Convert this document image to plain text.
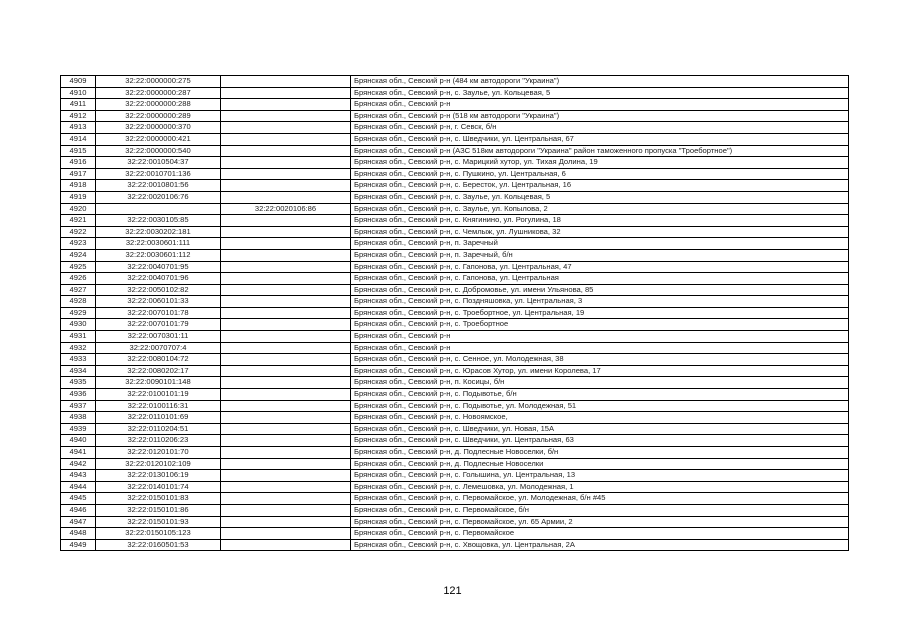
4909	32:22:0000000:275		Брянская обл., Севский р-н (484 км автодороги "Украина")
4910	32:22:0000000:287		Брянская обл., Севский р-н, с. Заулье, ул. Кольцевая, 5
4911	32:22:0000000:288		Брянская обл., Севский р-н
4912	32:22:0000000:289		Брянская обл., Севский р-н (518 км автодороги "Украина")
4913	32:22:0000000:370		Брянская обл., Севский р-н, г. Севск, б/н
4914	32:22:0000000:421		Брянская обл., Севский р-н, с. Шведчики, ул. Центральная, 67
4915	32:22:0000000:540		Брянская обл., Севский р-н (АЗС 518км автодороги "Украина" район таможенного пропуска "Троебортное")
4916	32:22:0010504:37		Брянская обл., Севский р-н, с. Марицкий хутор, ул. Тихая Долина, 19
4917	32:22:0010701:136		Брянская обл., Севский р-н, с. Пушкино, ул. Центральная, 6
4918	32:22:0010801:56		Брянская обл., Севский р-н, с. Бересток, ул. Центральная, 16
4919	32:22:0020106:76		Брянская обл., Севский р-н, с. Заулье, ул. Кольцевая, 5
4920		32:22:0020106:86	Брянская обл., Севский р-н, с. Заулье, ул. Копылова, 2
4921	32:22:0030105:85		Брянская обл., Севский р-н, с. Княгинино, ул. Рогулина, 18
4922	32:22:0030202:181		Брянская обл., Севский р-н, с. Чемлыж, ул. Лушникова, 32
4923	32:22:0030601:111		Брянская обл., Севский р-н, п. Заречный
4924	32:22:0030601:112		Брянская обл., Севский р-н, п. Заречный, б/н
4925	32:22:0040701:95		Брянская обл., Севский р-н, с. Гапонова, ул. Центральная, 47
4926	32:22:0040701:96		Брянская обл., Севский р-н, с. Гапонова, ул. Центральная
4927	32:22:0050102:82		Брянская обл., Севский р-н, с. Добромовье, ул. имени Ульянова, 85
4928	32:22:0060101:33		Брянская обл., Севский р-н, с. Поздняшовка, ул. Центральная, 3
4929	32:22:0070101:78		Брянская обл., Севский р-н, с. Троебортное, ул. Центральная, 19
4930	32:22:0070101:79		Брянская обл., Севский р-н, с. Троебортное
4931	32:22:0070301:11		Брянская обл., Севский р-н
4932	32:22:0070707:4		Брянская обл., Севский р-н
4933	32:22:0080104:72		Брянская обл., Севский р-н, с. Сенное, ул. Молодежная, 38
4934	32:22:0080202:17		Брянская обл., Севский р-н, с. Юрасов Хутор, ул. имени Королева, 17
4935	32:22:0090101:148		Брянская обл., Севский р-н, п. Косицы, б/н
4936	32:22:0100101:19		Брянская обл., Севский р-н, с. Подывотье, б/н
4937	32:22:0100116:31		Брянская обл., Севский р-н, с. Подывотье, ул. Молодежная, 51
4938	32:22:0110101:69		Брянская обл., Севский р-н, с. Новоямское,
4939	32:22:0110204:51		Брянская обл., Севский р-н, с. Шведчики, ул. Новая, 15А
4940	32:22:0110206:23		Брянская обл., Севский р-н, с. Шведчики, ул. Центральная, 63
4941	32:22:0120101:70		Брянская обл., Севский р-н, д. Подлесные Новоселки, б/н
4942	32:22:0120102:109		Брянская обл., Севский р-н, д. Подлесные Новоселки
4943	32:22:0130106:19		Брянская обл., Севский р-н, с. Голышина, ул. Центральная, 13
4944	32:22:0140101:74		Брянская обл., Севский р-н, с. Лемешовка, ул. Молодежная, 1
4945	32:22:0150101:83		Брянская обл., Севский р-н, с. Первомайское, ул. Молодежная, б/н #45
4946	32:22:0150101:86		Брянская обл., Севский р-н, с. Первомайское, б/н
4947	32:22:0150101:93		Брянская обл., Севский р-н, с. Первомайское, ул. 65 Армии, 2
4948	32:22:0150105:123		Брянская обл., Севский р-н, с. Первомайское
4949	32:22:0160501:53		Брянская обл., Севский р-н, с. Хвощовка, ул. Центральная, 2А
121
